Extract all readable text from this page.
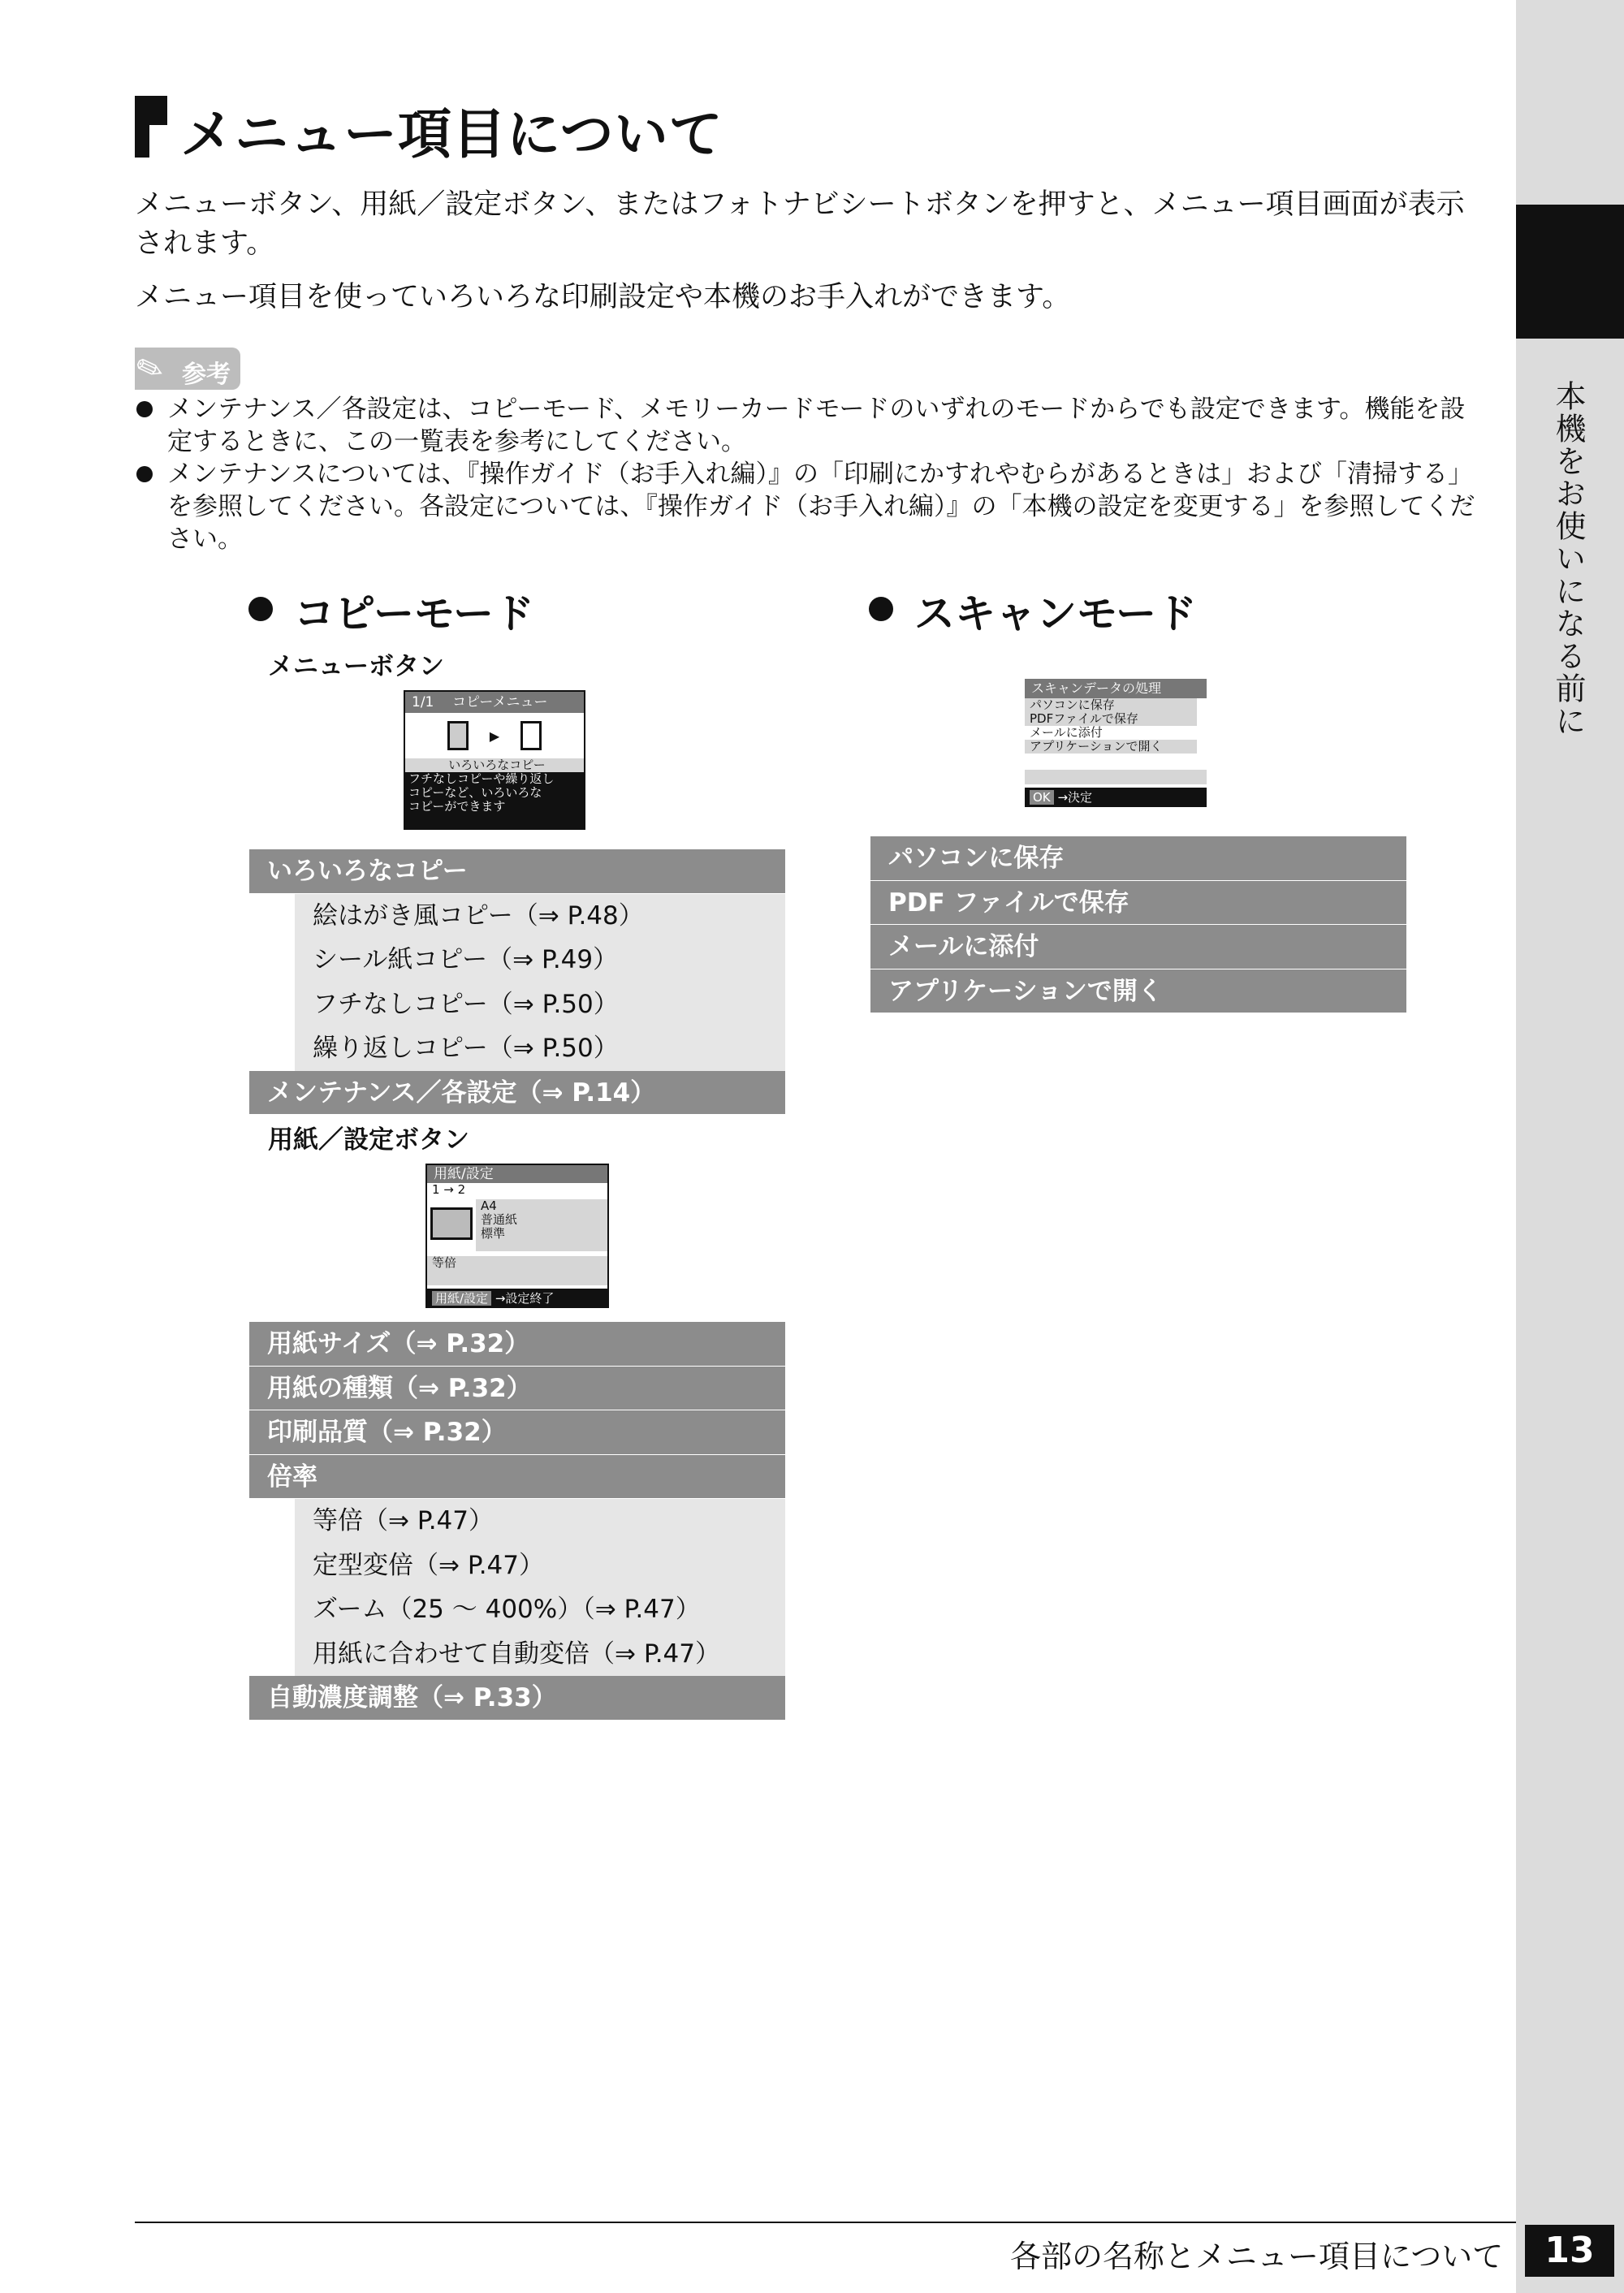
本機をお使いになる前に
メニュー項目について

メニューボタン、用紙／設定ボタン、またはフォトナビシートボタンを押すと、メニュー項目画面が表示されます。

メニュー項目を使っていろいろな印刷設定や本機のお手入れができます。

✎ 参考
メンテナンス／各設定は、コピーモード、メモリーカードモードのいずれのモードからでも設定できます。機能を設定するときに、この一覧表を参考にしてください。
メンテナンスについては、『操作ガイド（お手入れ編）』の「印刷にかすれやむらがあるときは」および「清掃する」を参照してください。各設定については、『操作ガイド（お手入れ編）』の「本機の設定を変更する」を参照してください。
コピーモード
メニューボタン
1/1	コピーメニュー
▶
いろいろなコピー
フチなしコピーや繰り返し
コピーなど、いろいろな
コピーができます
いろいろなコピー
絵はがき風コピー（⇒ P.48）
シール紙コピー（⇒ P.49）
フチなしコピー（⇒ P.50）
繰り返しコピー（⇒ P.50）
メンテナンス／各設定（⇒ P.14）
用紙／設定ボタン
用紙/設定
1 → 2
A4
普通紙
標準
等倍
用紙/設定 →設定終了
用紙サイズ（⇒ P.32）
用紙の種類（⇒ P.32）
印刷品質（⇒ P.32）
倍率
等倍（⇒ P.47）
定型変倍（⇒ P.47）
ズーム（25 ～ 400%）（⇒ P.47）
用紙に合わせて自動変倍（⇒ P.47）
自動濃度調整（⇒ P.33）
スキャンモード
スキャンデータの処理
パソコンに保存
PDFファイルで保存
メールに添付
アプリケーションで開く
OK →決定
パソコンに保存
PDF ファイルで保存
メールに添付
アプリケーションで開く
各部の名称とメニュー項目について	13
